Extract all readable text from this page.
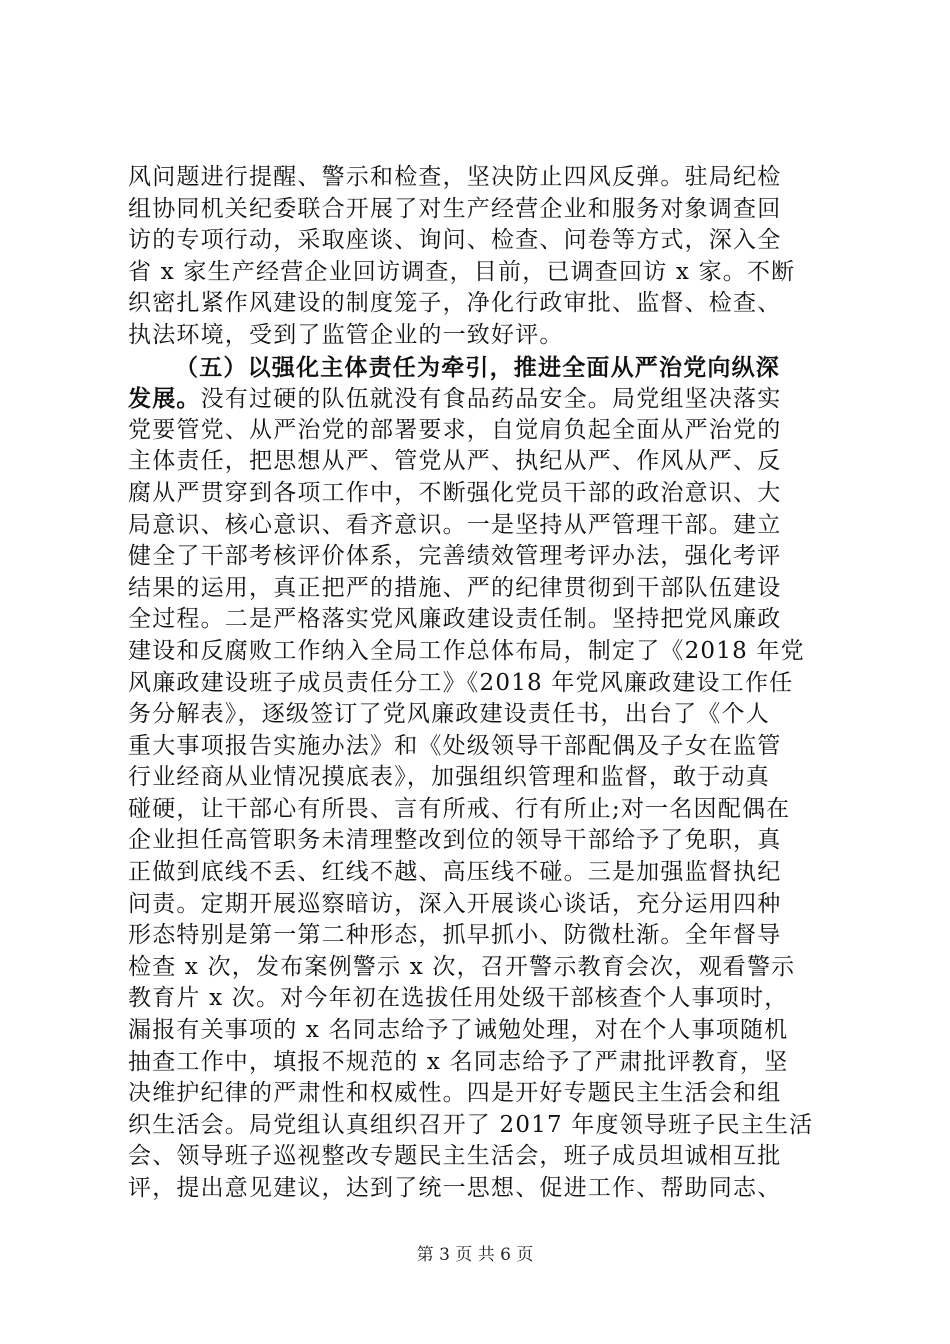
风问题进行提醒、警示和检查，坚决防止四风反弹。驻局纪检
组协同机关纪委联合开展了对生产经营企业和服务对象调查回
访的专项行动，采取座谈、询问、检查、问卷等方式，深入全
省 x 家生产经营企业回访调查，目前，已调查回访 x 家。不断
织密扎紧作风建设的制度笼子，净化行政审批、监督、检查、
执法环境，受到了监管企业的一致好评。
（五）以强化主体责任为牵引，推进全面从严治党向纵深
发展。没有过硬的队伍就没有食品药品安全。局党组坚决落实
党要管党、从严治党的部署要求，自觉肩负起全面从严治党的
主体责任，把思想从严、管党从严、执纪从严、作风从严、反
腐从严贯穿到各项工作中，不断强化党员干部的政治意识、大
局意识、核心意识、看齐意识。一是坚持从严管理干部。建立
健全了干部考核评价体系，完善绩效管理考评办法，强化考评
结果的运用，真正把严的措施、严的纪律贯彻到干部队伍建设
全过程。二是严格落实党风廉政建设责任制。坚持把党风廉政
建设和反腐败工作纳入全局工作总体布局，制定了《2018 年党
风廉政建设班子成员责任分工》《2018 年党风廉政建设工作任
务分解表》，逐级签订了党风廉政建设责任书，出台了《个人
重大事项报告实施办法》和《处级领导干部配偶及子女在监管
行业经商从业情况摸底表》，加强组织管理和监督，敢于动真
碰硬，让干部心有所畏、言有所戒、行有所止;对一名因配偶在
企业担任高管职务未清理整改到位的领导干部给予了免职，真
正做到底线不丢、红线不越、高压线不碰。三是加强监督执纪
问责。定期开展巡察暗访，深入开展谈心谈话，充分运用四种
形态特别是第一第二种形态，抓早抓小、防微杜渐。全年督导
检查 x 次，发布案例警示 x 次，召开警示教育会次，观看警示
教育片 x 次。对今年初在选拔任用处级干部核查个人事项时，
漏报有关事项的 x 名同志给予了诫勉处理，对在个人事项随机
抽查工作中，填报不规范的 x 名同志给予了严肃批评教育，坚
决维护纪律的严肃性和权威性。四是开好专题民主生活会和组
织生活会。局党组认真组织召开了 2017 年度领导班子民主生活
会、领导班子巡视整改专题民主生活会，班子成员坦诚相互批
评，提出意见建议，达到了统一思想、促进工作、帮助同志、
第 3 页 共 6 页
